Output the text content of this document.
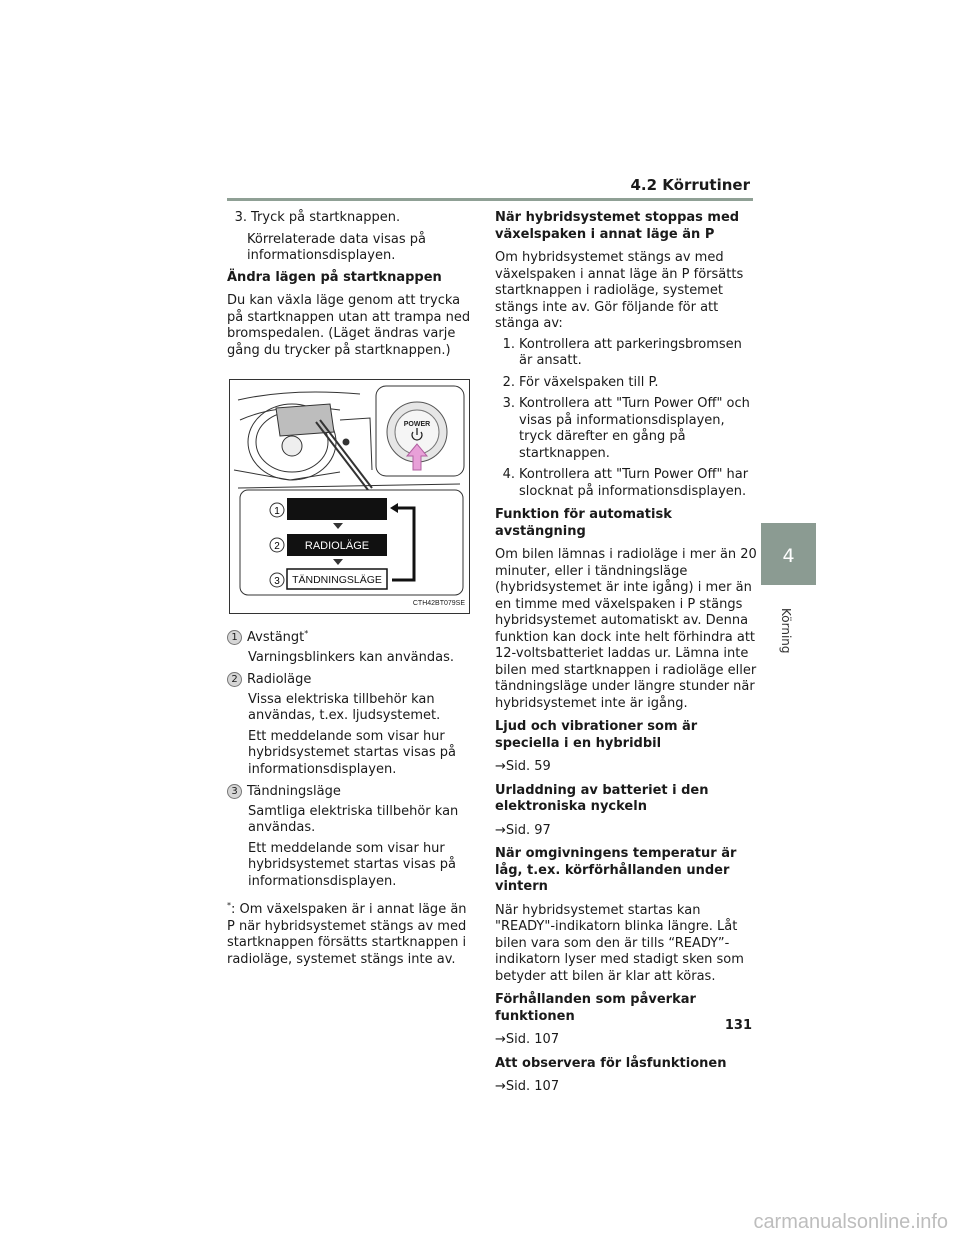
4.2 Körrutiner
3. Tryck på startknappen.

Körrelaterade data visas på informationsdisplayen.

Ändra lägen på startknappen

Du kan växla läge genom att trycka på startknappen utan att trampa ned bromspedalen. (Läget ändras varje gång du trycker på startknappen.)

POWER
1
2 RADIOLÄGE
3 TÄNDNINGSLÄGE
CTH42BT079SE
1 Avstängt*

Varningsblinkers kan användas.

2 Radioläge

Vissa elektriska tillbehör kan användas, t.ex. ljudsystemet.

Ett meddelande som visar hur hybridsystemet startas visas på informationsdisplayen.

3 Tändningsläge

Samtliga elektriska tillbehör kan användas.

Ett meddelande som visar hur hybridsystemet startas visas på informationsdisplayen.

*: Om växelspaken är i annat läge än P när hybridsystemet stängs av med startknappen försätts startknappen i radioläge, systemet stängs inte av.

När hybridsystemet stoppas med växelspaken i annat läge än P

Om hybridsystemet stängs av med växelspaken i annat läge än P försätts startknappen i radioläge, systemet stängs inte av. Gör följande för att stänga av:

1. Kontrollera att parkeringsbromsen är ansatt.
2. För växelspaken till P.
3. Kontrollera att "Turn Power Off" och visas på informationsdisplayen, tryck därefter en gång på startknappen.
4. Kontrollera att "Turn Power Off" har slocknat på informationsdisplayen.

Funktion för automatisk avstängning

Om bilen lämnas i radioläge i mer än 20 minuter, eller i tändningsläge (hybridsystemet är inte igång) i mer än en timme med växelspaken i P stängs hybridsystemet automatiskt av. Denna funktion kan dock inte helt förhindra att 12-voltsbatteriet laddas ur. Lämna inte bilen med startknappen i radioläge eller tändningsläge under längre stunder när hybridsystemet inte är igång.

Ljud och vibrationer som är speciella i en hybridbil

→Sid. 59

Urladdning av batteriet i den elektroniska nyckeln

→Sid. 97

När omgivningens temperatur är låg, t.ex. körförhållanden under vintern

När hybridsystemet startas kan "READY"-indikatorn blinka längre. Låt bilen vara som den är tills “READY”-indikatorn lyser med stadigt sken som betyder att bilen är klar att köras.

Förhållanden som påverkar funktionen

→Sid. 107

Att observera för låsfunktionen

→Sid. 107

4
Körning
131
carmanualsonline.info
